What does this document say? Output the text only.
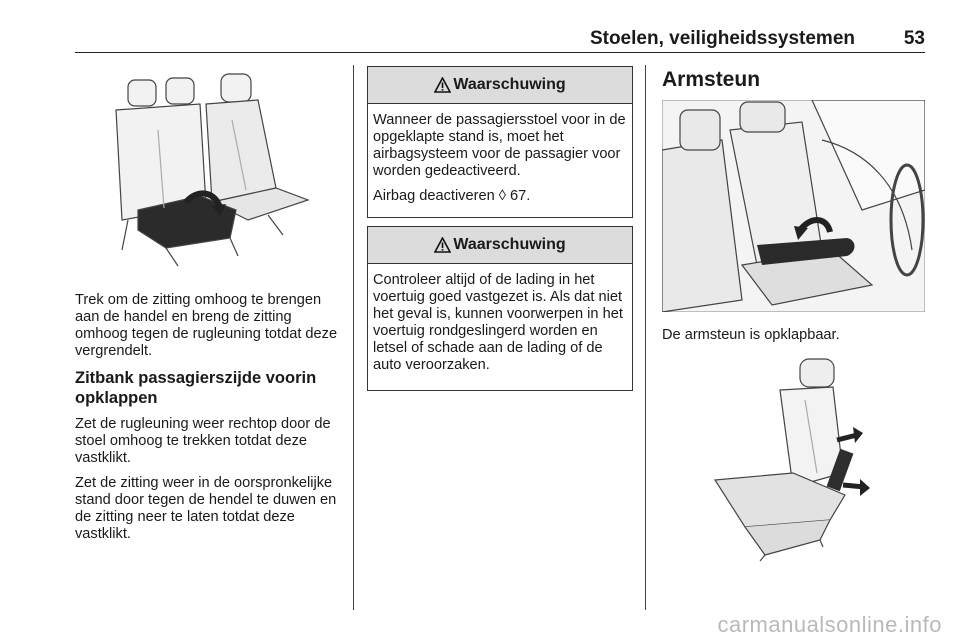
Stoelen, veiligheidssystemen	53

Trek om de zitting omhoog te brengen aan de handel en breng de zitting omhoog tegen de rugleuning totdat deze vergrendelt.

Zitbank passagierszijde voorin opklappen

Zet de rugleuning weer rechtop door de stoel omhoog te trekken totdat deze vastklikt.

Zet de zitting weer in de oorspronkelijke stand door tegen de hendel te duwen en de zitting neer te laten totdat deze vastklikt.

Waarschuwing

Wanneer de passagiersstoel voor in de opgeklapte stand is, moet het airbagsysteem voor de passagier voor worden gedeactiveerd.

Airbag deactiveren ◊ 67.

Waarschuwing

Controleer altijd of de lading in het voertuig goed vastgezet is. Als dat niet het geval is, kunnen voorwerpen in het voertuig rondgeslingerd worden en letsel of schade aan de lading of de auto veroorzaken.

Armsteun

De armsteun is opklapbaar.

carmanualsonline.info
